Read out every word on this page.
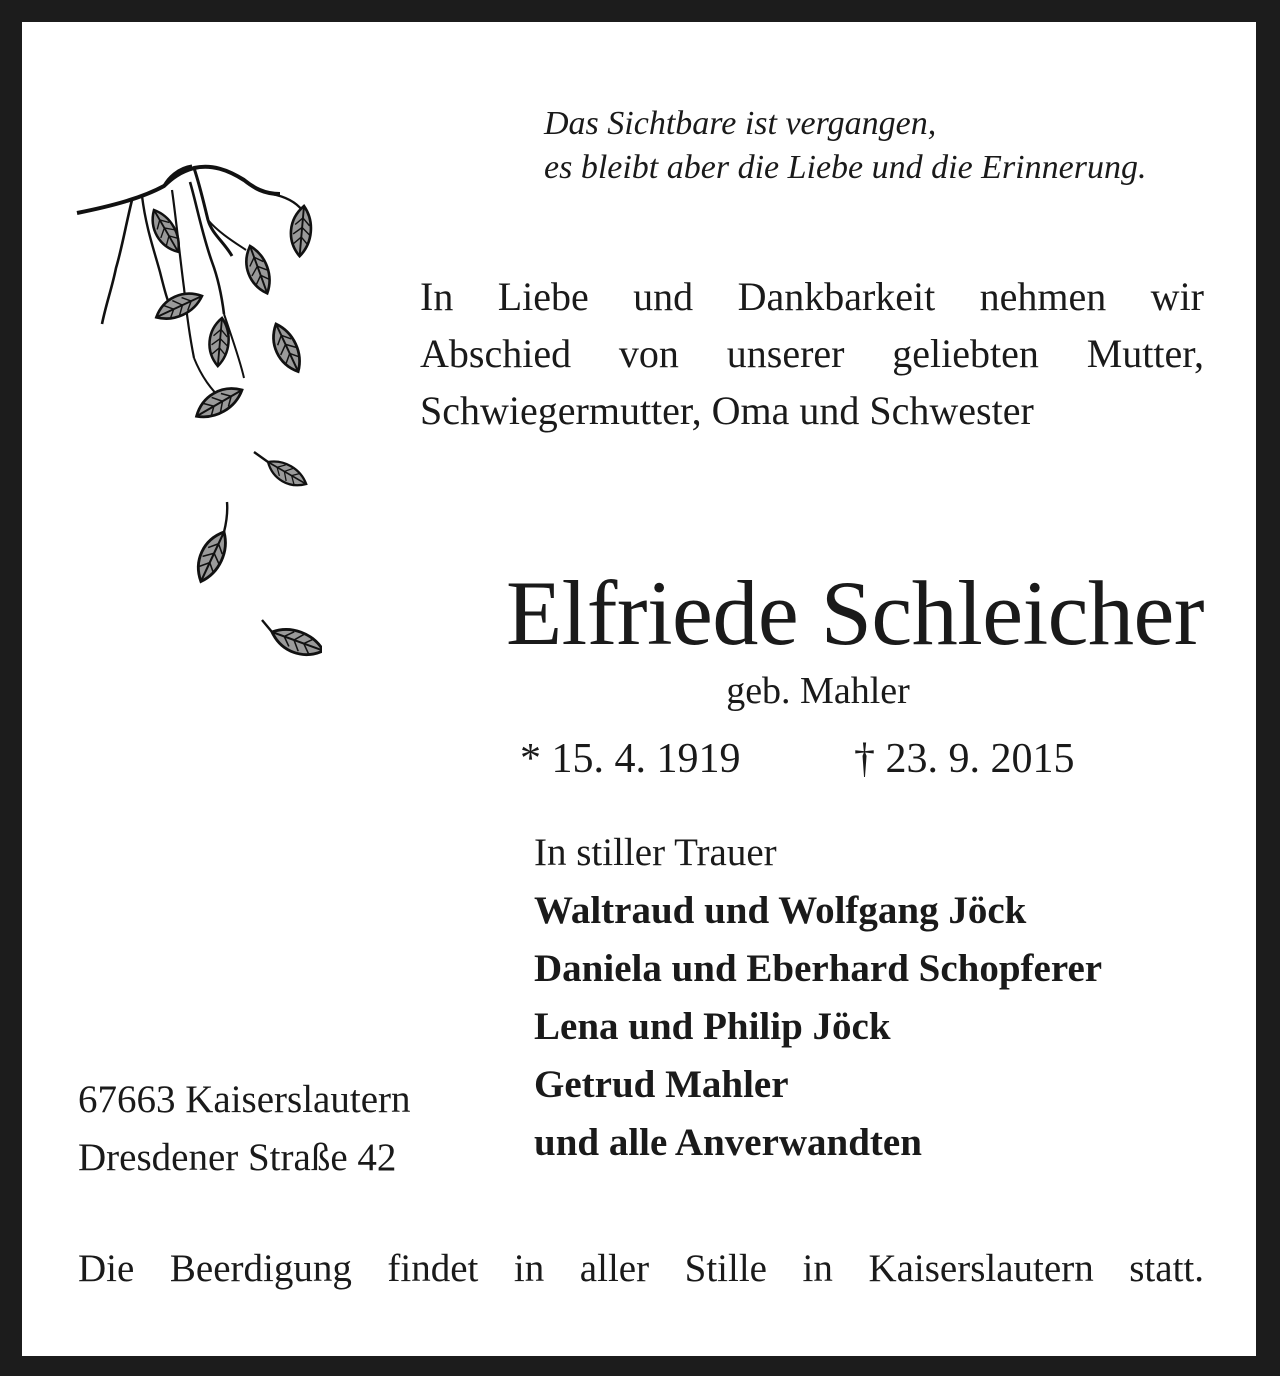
Das Sichtbare ist vergangen,
es bleibt aber die Liebe und die Erinnerung.
In Liebe und Dankbarkeit nehmen wir
Abschied von unserer geliebten Mutter,
Schwiegermutter, Oma und Schwester
Elfriede Schleicher
geb. Mahler
* 15. 4. 1919	† 23. 9. 2015
In stiller Trauer
Waltraud und Wolfgang Jöck
Daniela und Eberhard Schopferer
Lena und Philip Jöck
Getrud Mahler
und alle Anverwandten
67663 Kaiserslautern
Dresdener Straße 42
Die Beerdigung findet in aller Stille in Kaiserslautern statt.
